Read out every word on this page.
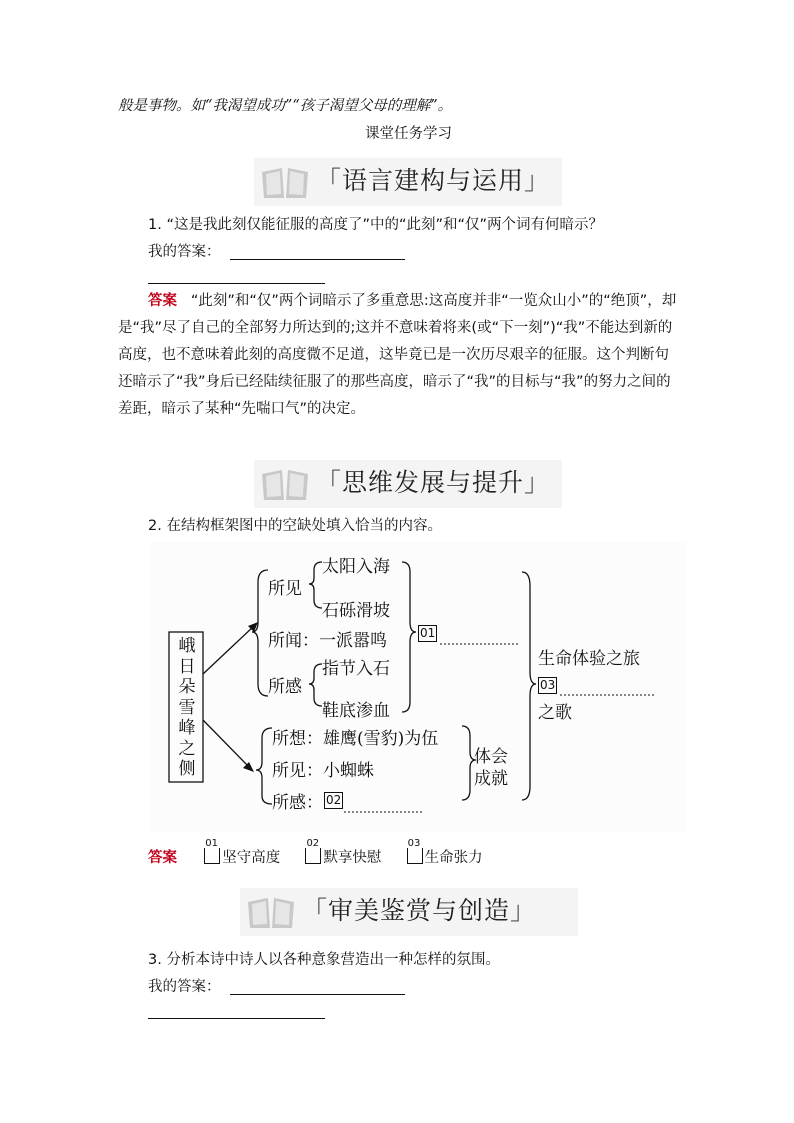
般是事物。如“我渴望成功”“孩子渴望父母的理解”。
课堂任务学习
「语言建构与运用」
1. “这是我此刻仅能征服的高度了”中的“此刻”和“仅”两个词有何暗示？
我的答案：
答案 “此刻”和“仅”两个词暗示了多重意思:这高度并非“一览众山小”的“绝顶”，却是“我”尽了自己的全部努力所达到的;这并不意味着将来(或“下一刻”)“我”不能达到新的高度，也不意味着此刻的高度微不足道，这毕竟已是一次历尽艰辛的征服。这个判断句还暗示了“我”身后已经陆续征服了的那些高度，暗示了“我”的目标与“我”的努力之间的差距，暗示了某种“先喘口气”的决定。
「思维发展与提升」
2. 在结构框架图中的空缺处填入恰当的内容。
峨
日
朵
雪
峰
之
侧
所见
太阳入海
石砾滑坡
所闻：一派嚣鸣
所感
指节入石
鞋底渗血
01
生命体验之旅
03
之歌
所想：雄鹰(雪豹)为伍
所见：小蜘蛛
所感： 02
体会
成就
答案
01
坚守高度
02
默享快慰
03
生命张力
「审美鉴赏与创造」
3. 分析本诗中诗人以各种意象营造出一种怎样的氛围。
我的答案：
